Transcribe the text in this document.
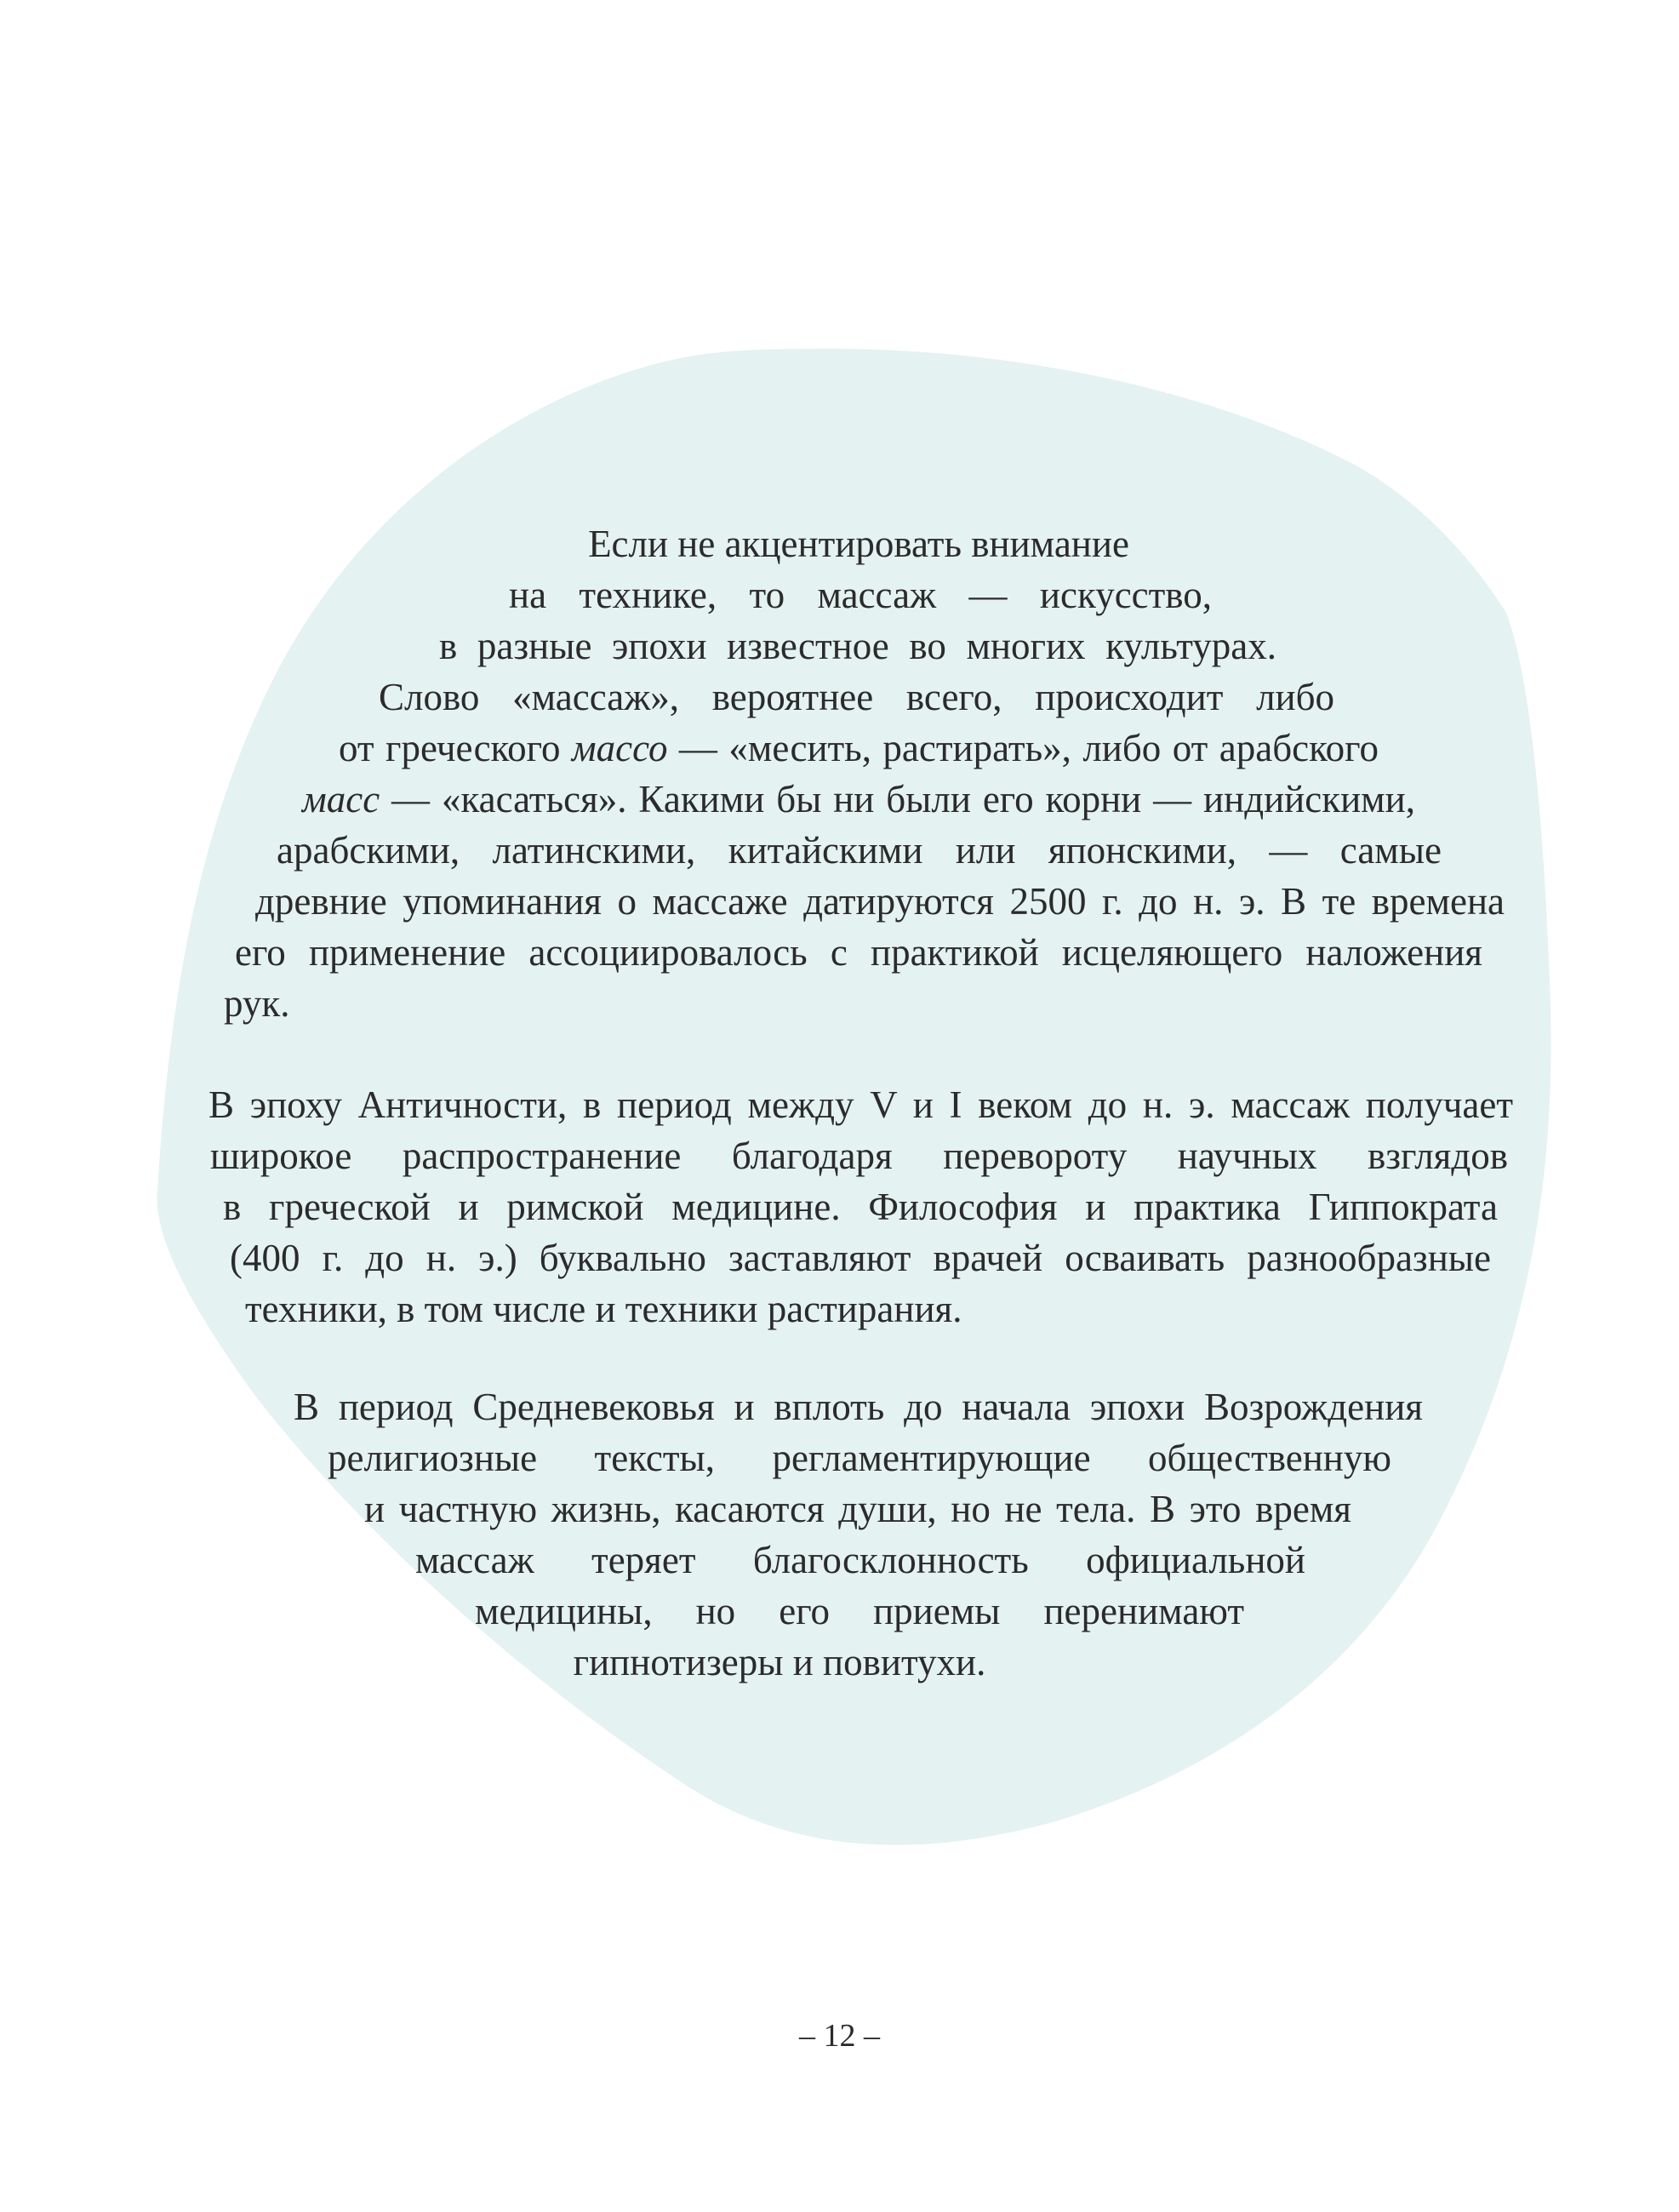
Если не акцентировать внимание
на технике, то массаж — искусство,
в разные эпохи известное во многих культурах.
Слово «массаж», вероятнее всего, происходит либо
от греческого массо — «месить, растирать», либо от арабского
масс — «касаться». Какими бы ни были его корни — индийскими,
арабскими, латинскими, китайскими или японскими, — самые
древние упоминания о массаже датируются 2500 г. до н. э. В те времена
его применение ассоциировалось с практикой исцеляющего наложения
рук.
В эпоху Античности, в период между V и I веком до н. э. массаж получает
широкое распространение благодаря перевороту научных взглядов
в греческой и римской медицине. Философия и практика Гиппократа
(400 г. до н. э.) буквально заставляют врачей осваивать разнообразные
техники, в том числе и техники растирания.
В период Средневековья и вплоть до начала эпохи Возрождения
религиозные тексты, регламентирующие общественную
и частную жизнь, касаются души, но не тела. В это время
массаж теряет благосклонность официальной
медицины, но его приемы перенимают
гипнотизеры и повитухи.
– 12 –
